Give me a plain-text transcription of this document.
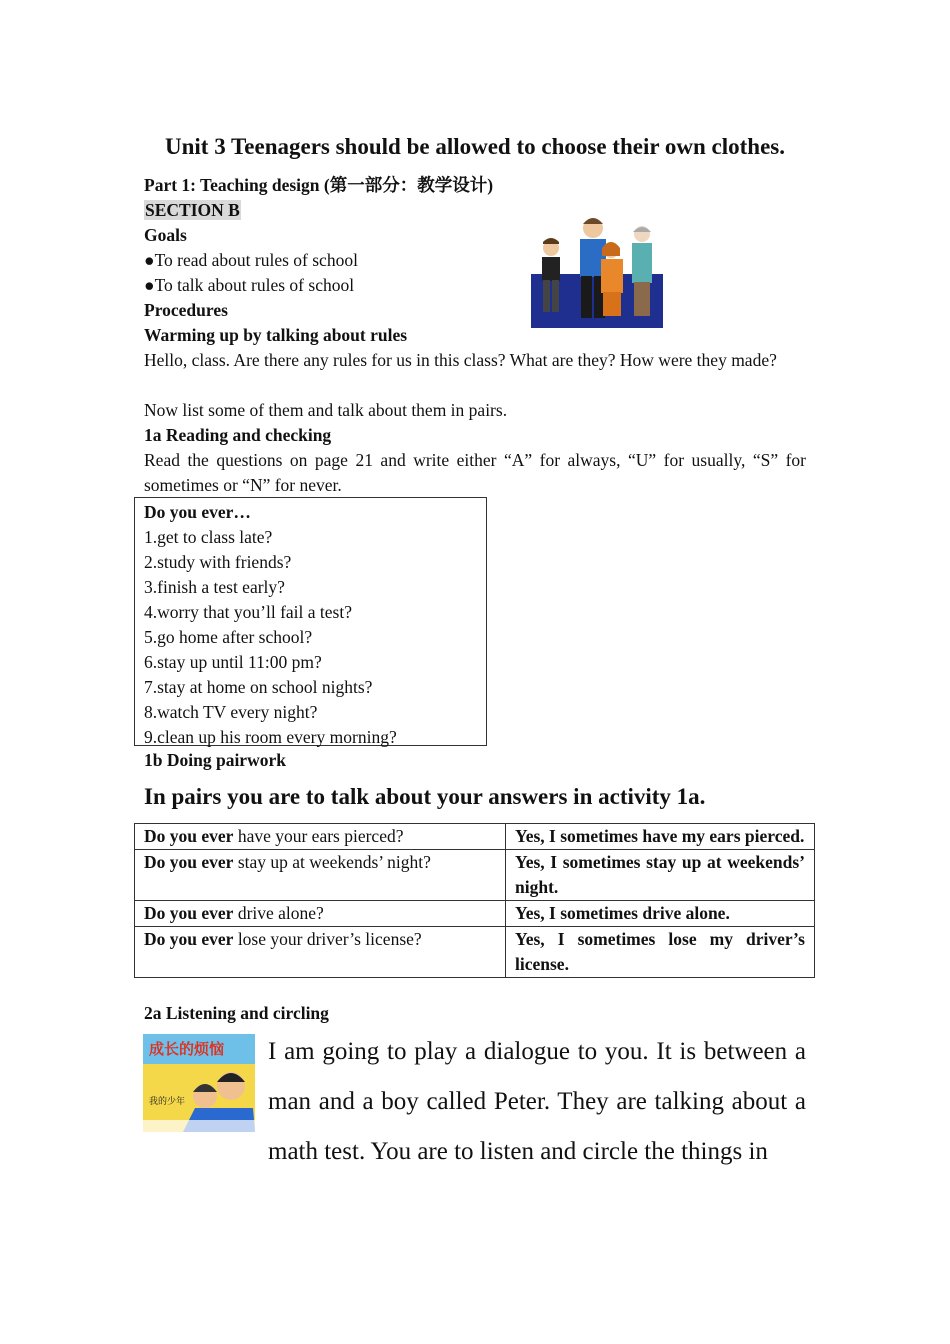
Unit 3 Teenagers should be allowed to choose their own clothes.
Part 1: Teaching design (第一部分：教学设计)
SECTION B
Goals
●To read about rules of school
●To talk about rules of school
Procedures
Warming up by talking about rules
Hello, class. Are there any rules for us in this class? What are they? How were they made?
Now list some of them and talk about them in pairs.
1a Reading and checking
Read the questions on page 21 and write either “A” for always, “U” for usually, “S” for sometimes or “N” for never.
Do you ever…
1.get to class late?
2.study with friends?
3.finish a test early?
4.worry that you’ll fail a test?
5.go home after school?
6.stay up until 11:00 pm?
7.stay at home on school nights?
8.watch TV every night?
9.clean up his room every morning?
1b Doing pairwork
In pairs you are to talk about your answers in activity 1a.
Do you ever have your ears pierced?	Yes, I sometimes have my ears pierced.
Do you ever stay up at weekends’ night?	Yes, I sometimes stay up at weekends’ night.
Do you ever drive alone?	Yes, I sometimes drive alone.
Do you ever lose your driver’s license?	Yes, I sometimes lose my driver’s license.
2a Listening and circling
成长的烦恼
我的少年
I am going to play a dialogue to you. It is between a man and a boy called Peter. They are talking about a math test. You are to listen and circle the things in
